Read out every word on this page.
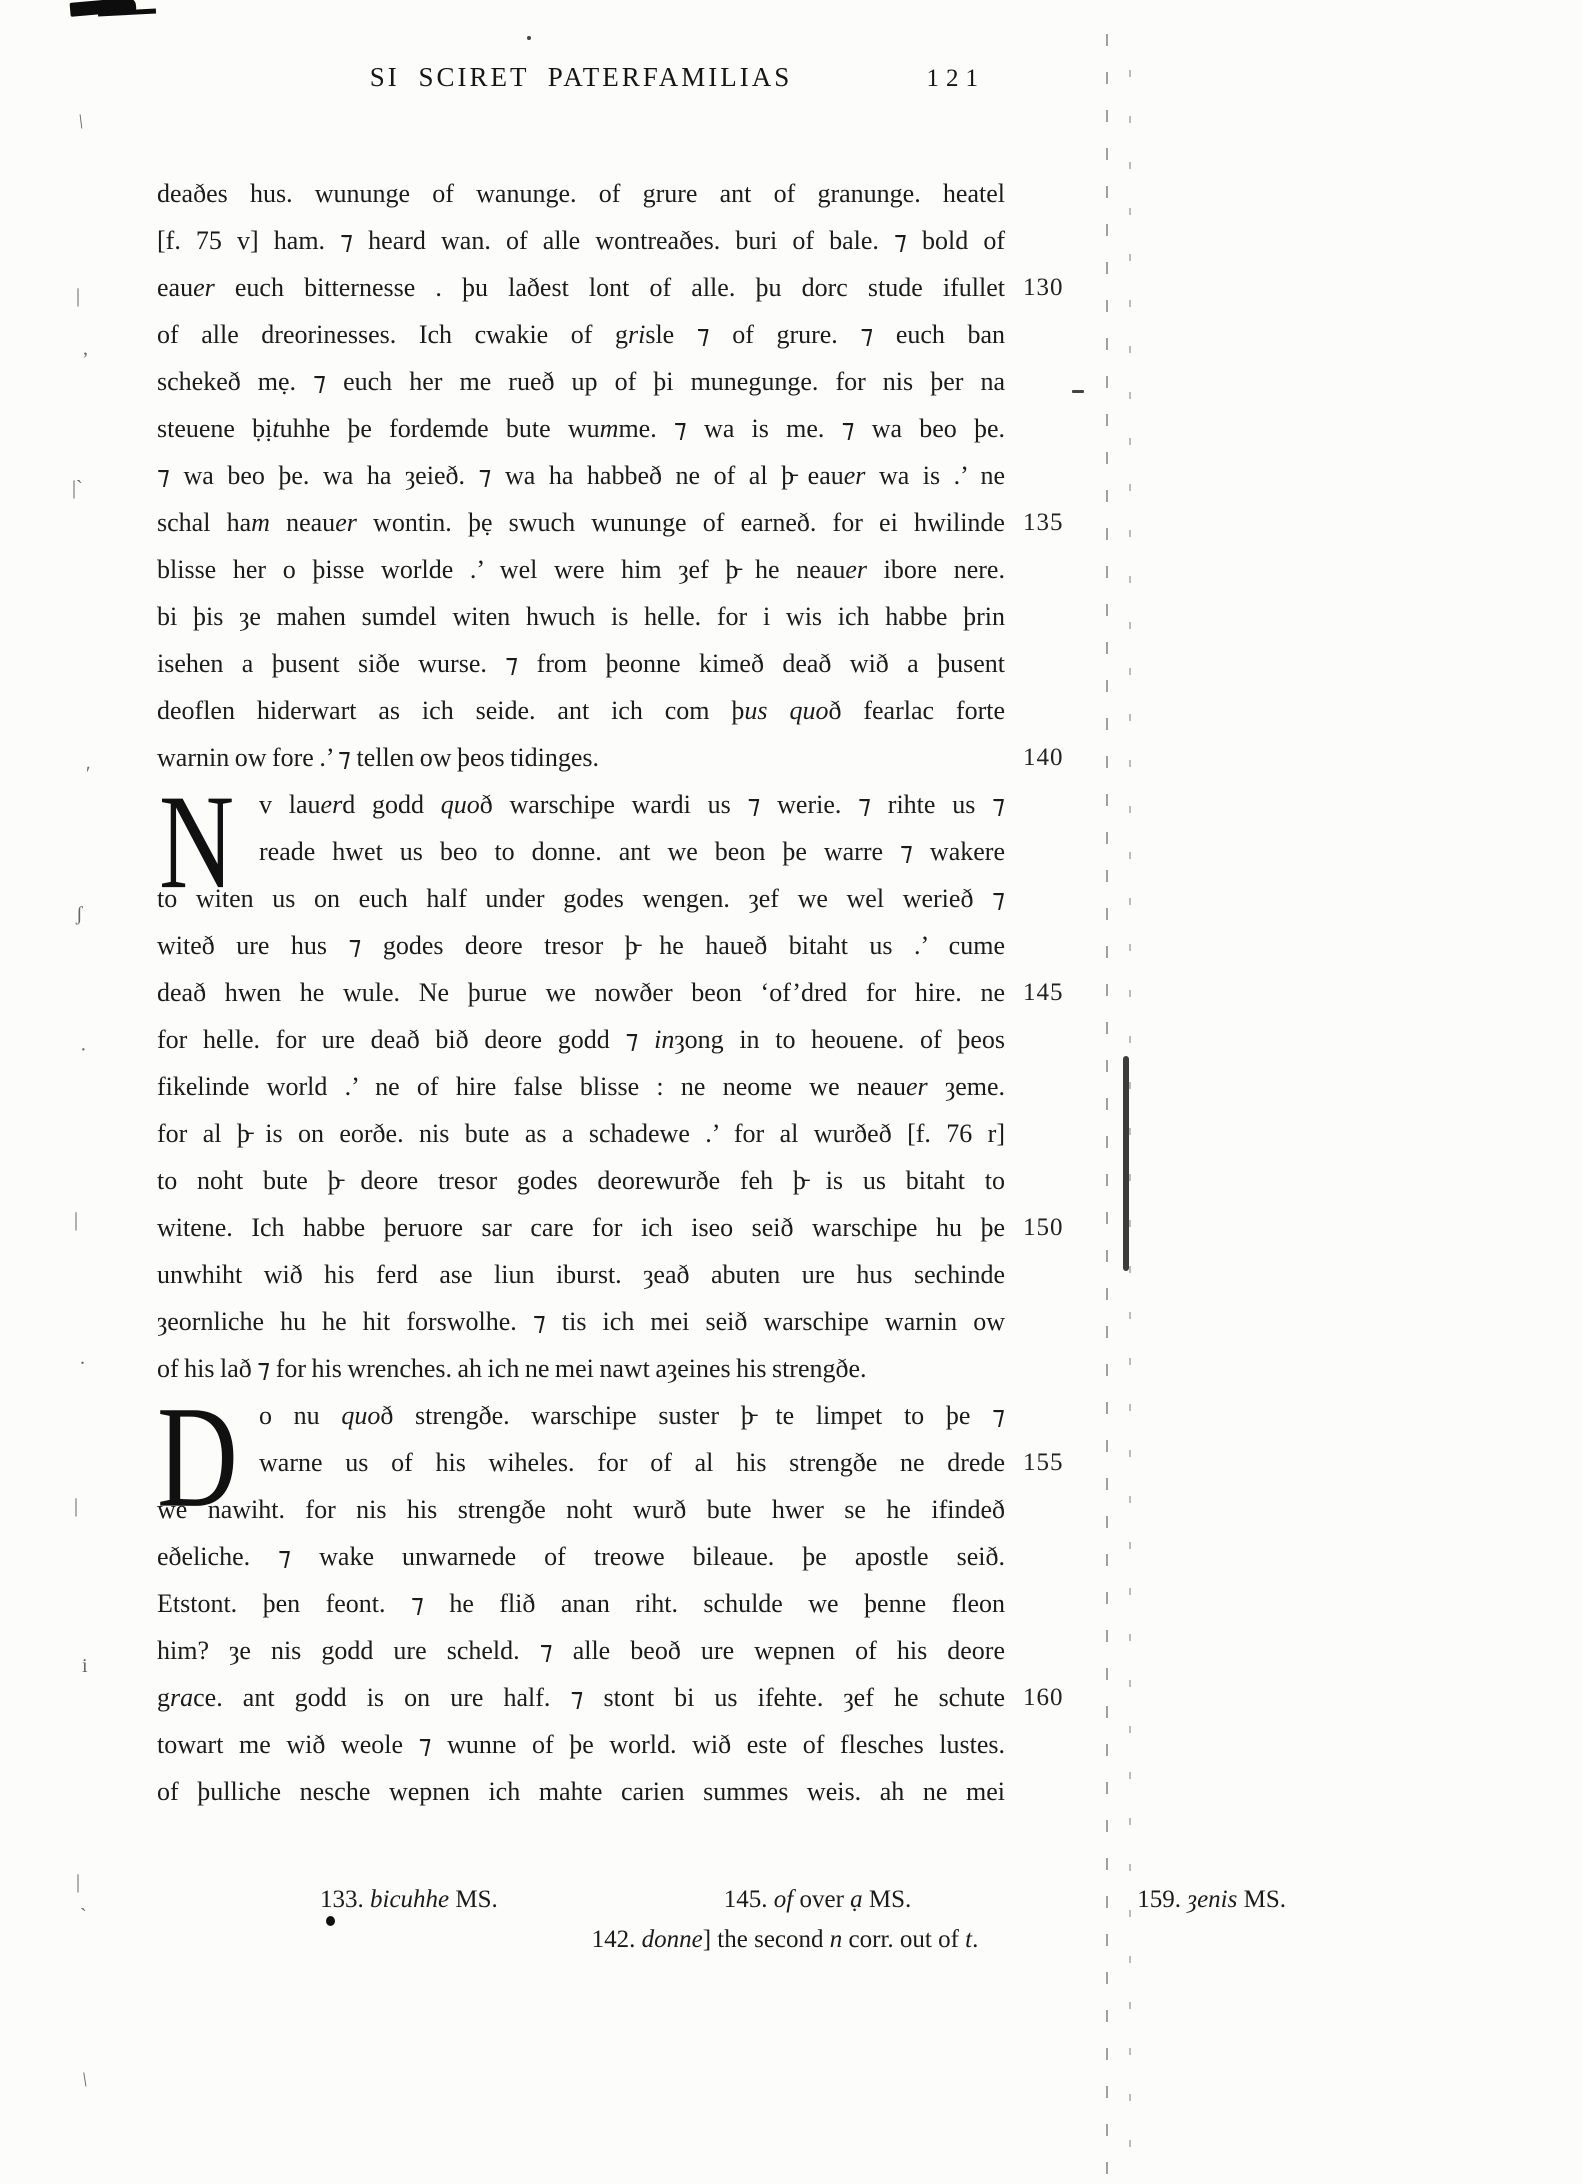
\
|
ʼ
|ˋ
ʹ
ʃ
·
|
.
|
i
|
ˋ
\
SI SCIRET PATERFAMILIAS	121
deaðes hus. wununge of wanunge. of grure ant of granunge. heatel
[f. 75 v] ham. ⁊ heard wan. of alle wontreaðes. buri of bale. ⁊ bold of
eauer euch bitternesse . þu laðest lont of alle. þu dorc stude ifullet 130
of alle dreorinesses. Ich cwakie of grisle ⁊ of grure. ⁊ euch ban
schekeð mẹ. ⁊ euch her me rueð up of þi munegunge. for nis þer na
steuene ḅịtuhhe þe fordemde bute wumme. ⁊ wa is me. ⁊ wa beo þe.
⁊ wa beo þe. wa ha ȝeieð. ⁊ wa ha habbeð ne of al þ̵ eauer wa is .’ ne
schal ham neauer wontin. þẹ swuch wununge of earneð. for ei hwilinde 135
blisse her o þisse worlde .’ wel were him ȝef þ̵ he neauer ibore nere.
bi þis ȝe mahen sumdel witen hwuch is helle. for i wis ich habbe þrin
isehen a þusent siðe wurse. ⁊ from þeonne kimeð deað wið a þusent
deoflen hiderwart as ich seide. ant ich com þus quoð fearlac forte
warnin ow fore .’ ⁊ tellen ow þeos tidinges.	140
N v lauerd godd quoð warschipe wardi us ⁊ werie. ⁊ rihte us ⁊
reade hwet us beo to donne. ant we beon þe warre ⁊ wakere
to witen us on euch half under godes wengen. ȝef we wel werieð ⁊
witeð ure hus ⁊ godes deore tresor þ̵ he haueð bitaht us .’ cume
deað hwen he wule. Ne þurue we nowðer beon ‘of’dred for hire. ne 145
for helle. for ure deað bið deore godd ⁊ inȝong in to heouene. of þeos
fikelinde world .’ ne of hire false blisse : ne neome we neauer ȝeme.
for al þ̵ is on eorðe. nis bute as a schadewe .’ for al wurðeð [f. 76 r]
to noht bute þ̵ deore tresor godes deorewurðe feh þ̵ is us bitaht to
witene. Ich habbe þeruore sar care for ich iseo seið warschipe hu þe 150
unwhiht wið his ferd ase liun iburst. ȝeað abuten ure hus sechinde
ȝeornliche hu he hit forswolhe. ⁊ tis ich mei seið warschipe warnin ow
of his lað ⁊ for his wrenches. ah ich ne mei nawt aȝeines his strengðe.
D o nu quoð strengðe. warschipe suster þ̵ te limpet to þe ⁊
warne us of his wiheles. for of al his strengðe ne drede 155
we nawiht. for nis his strengðe noht wurð bute hwer se he ifindeð
eðeliche. ⁊ wake unwarnede of treowe bileaue. þe apostle seið.
Etstont. þen feont. ⁊ he flið anan riht. schulde we þenne fleon
him? ȝe nis godd ure scheld. ⁊ alle beoð ure wepnen of his deore
grace. ant godd is on ure half. ⁊ stont bi us ifehte. ȝef he schute 160
towart me wið weole ⁊ wunne of þe world. wið este of flesches lustes.
of þulliche nesche wepnen ich mahte carien summes weis. ah ne mei
133. bicuhhe MS.	145. of over ạ MS.	159. ȝenis MS.
142. donne] the second n corr. out of t.
